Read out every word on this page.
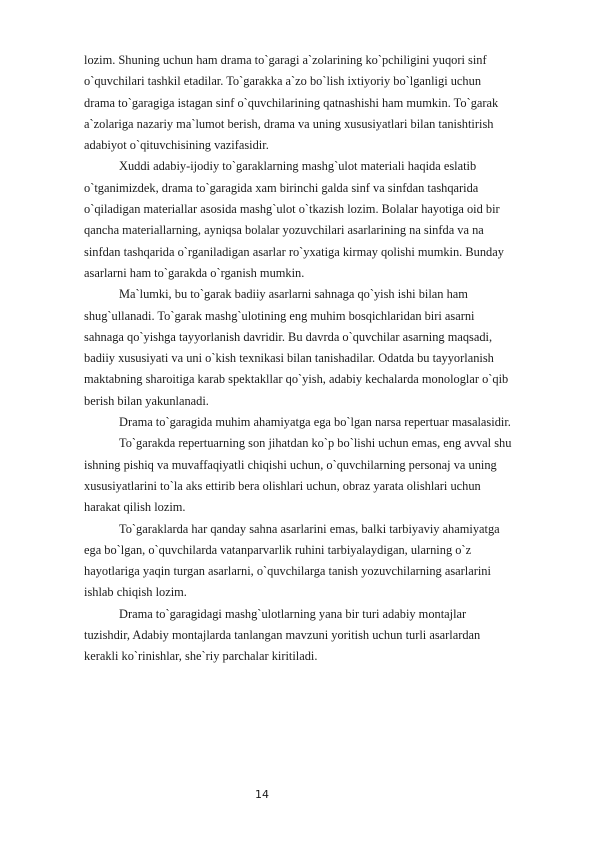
lozim. Shuning uchun ham drama to`garagi a`zolarining ko`pchiligini yuqori sinf
o`quvchilari tashkil etadilar. To`garakka a`zo bo`lish ixtiyoriy bo`lganligi uchun
drama to`garagiga istagan sinf o`quvchilarining qatnashishi ham mumkin. To`garak
a`zolariga nazariy ma`lumot berish, drama va uning xususiyatlari bilan tanishtirish
adabiyot o`qituvchisining vazifasidir.

Xuddi adabiy-ijodiy to`garaklarning mashg`ulot materiali haqida eslatib
o`tganimizdek, drama to`garagida xam birinchi galda sinf va sinfdan tashqarida
o`qiladigan materiallar asosida mashg`ulot o`tkazish lozim. Bolalar hayotiga oid bir
qancha materiallarning, ayniqsa bolalar yozuvchilari asarlarining na sinfda va na
sinfdan tashqarida o`rganiladigan asarlar ro`yxatiga kirmay qolishi mumkin. Bunday
asarlarni ham to`garakda o`rganish mumkin.

Ma`lumki, bu to`garak badiiy asarlarni sahnaga qo`yish ishi bilan ham
shug`ullanadi. To`garak mashg`ulotining eng muhim bosqichlaridan biri asarni
sahnaga qo`yishga tayyorlanish davridir. Bu davrda o`quvchilar asarning maqsadi,
badiiy xususiyati va uni o`kish texnikasi bilan tanishadilar. Odatda bu tayyorlanish
maktabning sharoitiga karab spektakllar qo`yish, adabiy kechalarda monologlar o`qib
berish bilan yakunlanadi.

Drama to`garagida muhim ahamiyatga ega bo`lgan narsa repertuar masalasidir.

To`garakda repertuarning son jihatdan ko`p bo`lishi uchun emas, eng avval shu
ishning pishiq va muvaffaqiyatli chiqishi uchun, o`quvchilarning personaj va uning
xususiyatlarini to`la aks ettirib bera olishlari uchun, obraz yarata olishlari uchun
harakat qilish lozim.

To`garaklarda har qanday sahna asarlarini emas, balki tarbiyaviy ahamiyatga
ega bo`lgan, o`quvchilarda vatanparvarlik ruhini tarbiyalaydigan, ularning o`z
hayotlariga yaqin turgan asarlarni, o`quvchilarga tanish yozuvchilarning asarlarini
ishlab chiqish lozim.

Drama to`garagidagi mashg`ulotlarning yana bir turi adabiy montajlar
tuzishdir, Adabiy montajlarda tanlangan mavzuni yoritish uchun turli asarlardan
kerakli ko`rinishlar, she`riy parchalar kiritiladi.

14
